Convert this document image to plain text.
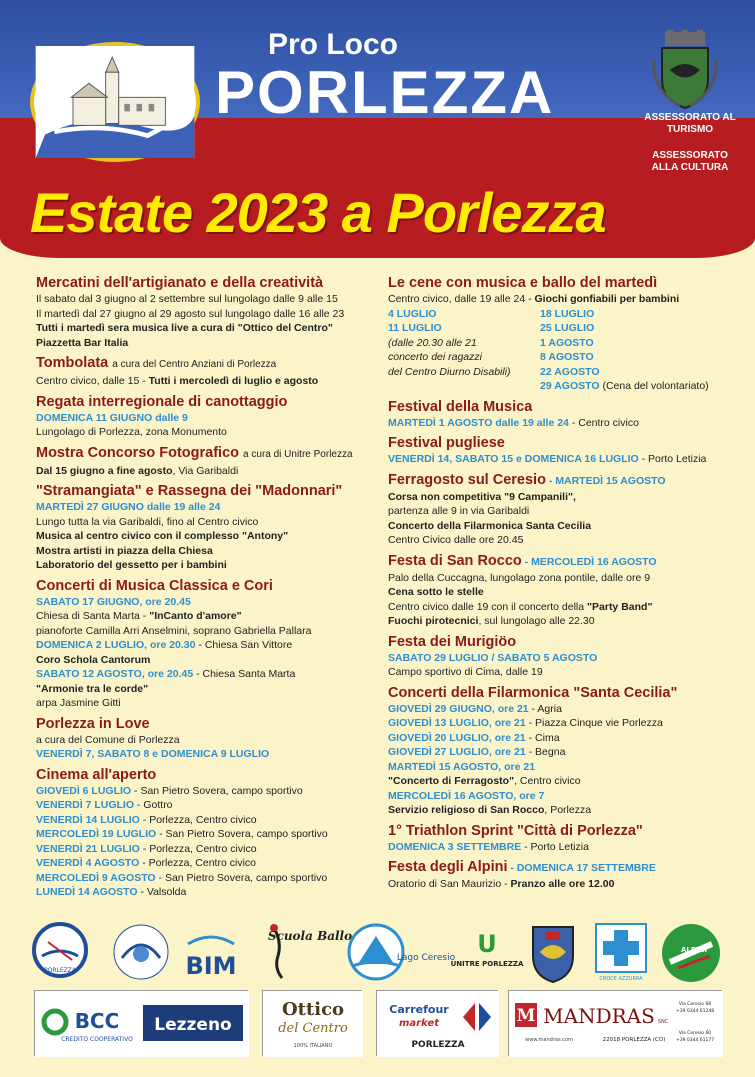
Pro Loco
PORLEZZA	ASSESSORATO AL TURISMO
ASSESSORATO ALLA CULTURA
Estate 2023 a Porlezza
Mercatini dell'artigianato e della creatività
Il sabato dal 3 giugno al 2 settembre sul lungolago dalle 9 alle 15
Il martedì dal 27 giugno al 29 agosto sul lungolago dalle 16 alle 23
Tutti i martedì sera musica live a cura di "Ottico del Centro"
Piazzetta Bar Italia
Tombolata a cura del Centro Anziani di Porlezza
Centro civico, dalle 15 - Tutti i mercoledì di luglio e agosto
Regata interregionale di canottaggio
DOMENICA 11 GIUGNO dalle 9
Lungolago di Porlezza, zona Monumento
Mostra Concorso Fotografico a cura di Unitre Porlezza
Dal 15 giugno a fine agosto, Via Garibaldi
"Stramangiata" e Rassegna dei "Madonnari"
MARTEDÌ 27 GIUGNO dalle 19 alle 24
Lungo tutta la via Garibaldi, fino al Centro civico
Musica al centro civico con il complesso "Antony"
Mostra artisti in piazza della Chiesa
Laboratorio del gessetto per i bambini
Concerti di Musica Classica e Cori
SABATO 17 GIUGNO, ore 20.45
Chiesa di Santa Marta - "InCanto d'amore"
pianoforte Camilla Arri Anselmini, soprano Gabriella Pallara
DOMENICA 2 LUGLIO, ore 20.30 - Chiesa San Vittore
Coro Schola Cantorum
SABATO 12 AGOSTO, ore 20.45 - Chiesa Santa Marta
"Armonie tra le corde"
arpa Jasmine Gitti
Porlezza in Love
a cura del Comune di Porlezza
VENERDÌ 7, SABATO 8 e DOMENICA 9 LUGLIO
Cinema all'aperto
GIOVEDÌ 6 LUGLIO - San Pietro Sovera, campo sportivo
VENERDÌ 7 LUGLIO - Gottro
VENERDÌ 14 LUGLIO - Porlezza, Centro civico
MERCOLEDÌ 19 LUGLIO - San Pietro Sovera, campo sportivo
VENERDÌ 21 LUGLIO - Porlezza, Centro civico
VENERDÌ 4 AGOSTO - Porlezza, Centro civico
MERCOLEDÌ 9 AGOSTO - San Pietro Sovera, campo sportivo
LUNEDÌ 14 AGOSTO - Valsolda
Le cene con musica e ballo del martedì
Centro civico, dalle 19 alle 24 - Giochi gonfiabili per bambini
4 LUGLIO
11 LUGLIO
(dalle 20.30 alle 21
concerto dei ragazzi
del Centro Diurno Disabili)
18 LUGLIO
25 LUGLIO
1 AGOSTO
8 AGOSTO
22 AGOSTO
29 AGOSTO (Cena del volontariato)
Festival della Musica
MARTEDÌ 1 AGOSTO dalle 19 alle 24 - Centro civico
Festival pugliese
VENERDÌ 14, SABATO 15 e DOMENICA 16 LUGLIO - Porto Letizia
Ferragosto sul Ceresio - MARTEDÌ 15 AGOSTO
Corsa non competitiva "9 Campanili",
partenza alle 9 in via Garibaldi
Concerto della Filarmonica Santa Cecilia
Centro Civico dalle ore 20.45
Festa di San Rocco - MERCOLEDÌ 16 AGOSTO
Palo della Cuccagna, lungolago zona pontile, dalle ore 9
Cena sotto le stelle
Centro civico dalle 19 con il concerto della "Party Band"
Fuochi pirotecnici, sul lungolago alle 22.30
Festa dei Murigiöo
SABATO 29 LUGLIO / SABATO 5 AGOSTO
Campo sportivo di Cima, dalle 19
Concerti della Filarmonica "Santa Cecilia"
GIOVEDÌ 29 GIUGNO, ore 21 - Agria
GIOVEDÌ 13 LUGLIO, ore 21 - Piazza Cinque vie Porlezza
GIOVEDÌ 20 LUGLIO, ore 21 - Cima
GIOVEDÌ 27 LUGLIO, ore 21 - Begna
MARTEDÌ 15 AGOSTO, ore 21
"Concerto di Ferragosto", Centro civico
MERCOLEDÌ 16 AGOSTO, ore 7
Servizio religioso di San Rocco, Porlezza
1° Triathlon Sprint "Città di Porlezza"
DOMENICA 3 SETTEMBRE - Porto Letizia
Festa degli Alpini - DOMENICA 17 SETTEMBRE
Oratorio di San Maurizio - Pranzo alle ore 12.00
PORLEZZA	BIM
Scuola Ballo
Lago Ceresio U
UNITRE PORLEZZA
CROCE AZZURRA
ALPINI
BCC
CREDITO COOPERATIVO
Lezzeno
Ottico
del Centro
100% ITALIANO
Carrefour
market
PORLEZZA
M MANDRAS SNC
www.mandras.com	22018 PORLEZZA (CO)
Via Ceresio 68
+39 0344 61248
Via Ceresio 60
+39 0344 61177
